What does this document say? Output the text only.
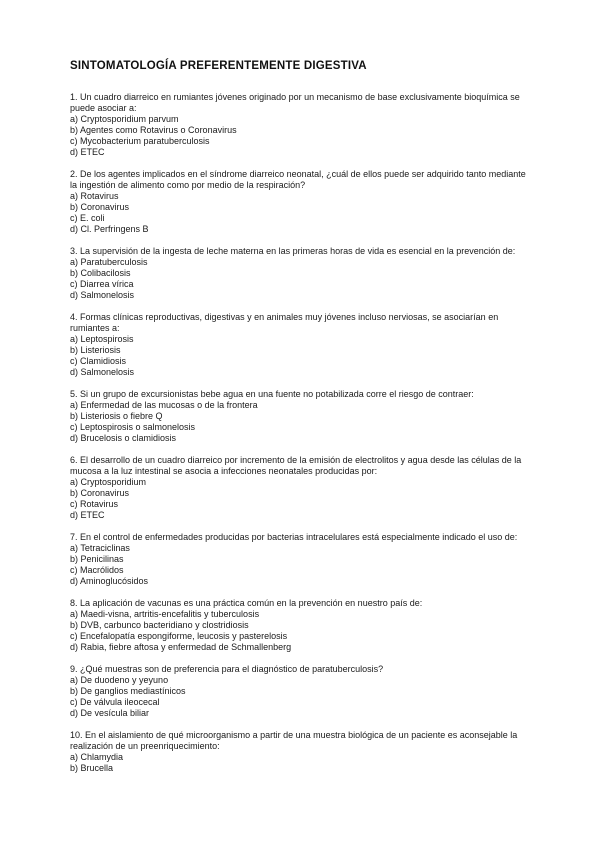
SINTOMATOLOGÍA PREFERENTEMENTE DIGESTIVA

1. Un cuadro diarreico en rumiantes jóvenes originado por un mecanismo de base exclusivamente bioquímica se puede asociar a:

a) Cryptosporidium parvum

b) Agentes como Rotavirus o Coronavirus

c) Mycobacterium paratuberculosis

d) ETEC

2. De los agentes implicados en el síndrome diarreico neonatal, ¿cuál de ellos puede ser adquirido tanto mediante la ingestión de alimento como por medio de la respiración?

a) Rotavirus

b) Coronavirus

c) E. coli

d) Cl. Perfringens B

3. La supervisión de la ingesta de leche materna en las primeras horas de vida es esencial en la prevención de:

a) Paratuberculosis

b) Colibacilosis

c) Diarrea vírica

d) Salmonelosis

4. Formas clínicas reproductivas, digestivas y en animales muy jóvenes incluso nerviosas, se asociarían en rumiantes a:

a) Leptospirosis

b) Listeriosis

c) Clamidiosis

d) Salmonelosis

5. Si un grupo de excursionistas bebe agua en una fuente no potabilizada corre el riesgo de contraer:

a) Enfermedad de las mucosas o de la frontera

b) Listeriosis o fiebre Q

c) Leptospirosis o salmonelosis

d) Brucelosis o clamidiosis

6. El desarrollo de un cuadro diarreico por incremento de la emisión de electrolitos y agua desde las células de la mucosa a la luz intestinal se asocia a infecciones neonatales producidas por:

a) Cryptosporidium

b) Coronavirus

c) Rotavirus

d) ETEC

7. En el control de enfermedades producidas por bacterias intracelulares está especialmente indicado el uso de:

a) Tetraciclinas

b) Penicilinas

c) Macrólidos

d) Aminoglucósidos

8. La aplicación de vacunas es una práctica común en la prevención en nuestro país de:

a) Maedi-visna, artritis-encefalitis y tuberculosis

b) DVB, carbunco bacteridiano y clostridiosis

c) Encefalopatía espongiforme, leucosis y pasterelosis

d) Rabia, fiebre aftosa y enfermedad de Schmallenberg

9. ¿Qué muestras son de preferencia para el diagnóstico de paratuberculosis?

a) De duodeno y yeyuno

b) De ganglios mediastínicos

c) De válvula ileocecal

d) De vesícula biliar

10. En el aislamiento de qué microorganismo a partir de una muestra biológica de un paciente es aconsejable la realización de un preenriquecimiento:

a) Chlamydia

b) Brucella
